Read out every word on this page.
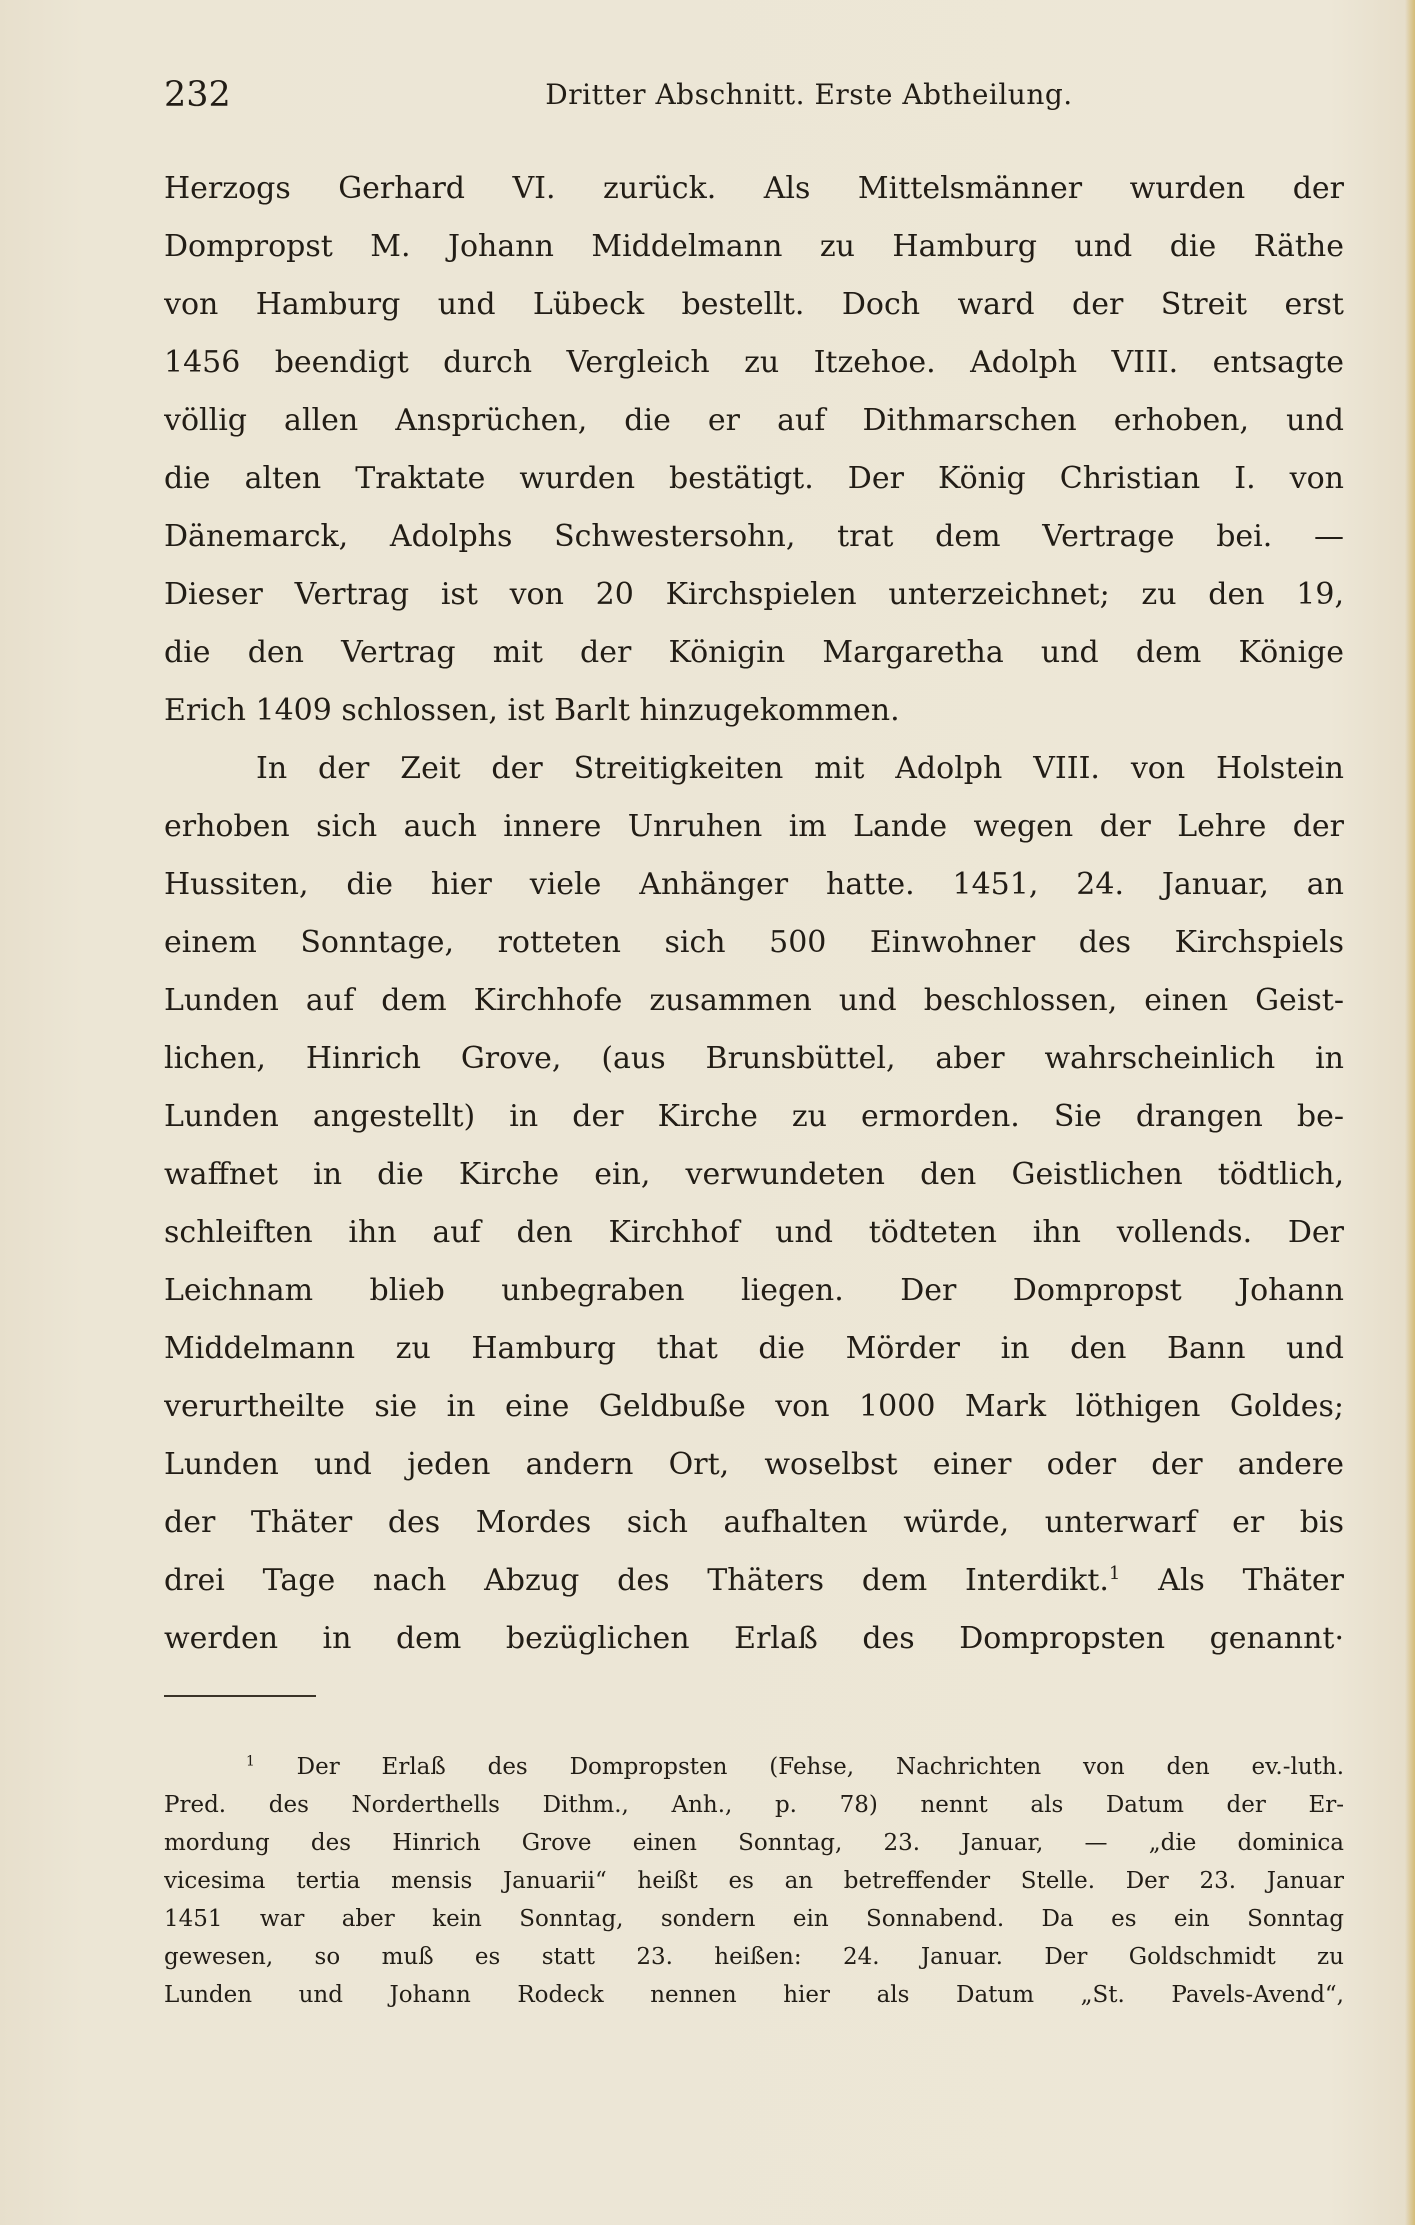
232	Dritter Abschnitt. Erste Abtheilung.
Herzogs Gerhard VI. zurück. Als Mittelsmänner wurden der
Dompropst M. Johann Middelmann zu Hamburg und die Räthe
von Hamburg und Lübeck bestellt. Doch ward der Streit erst
1456 beendigt durch Vergleich zu Itzehoe. Adolph VIII. entsagte
völlig allen Ansprüchen, die er auf Dithmarschen erhoben, und
die alten Traktate wurden bestätigt. Der König Christian I. von
Dänemarck, Adolphs Schwestersohn, trat dem Vertrage bei. —
Dieser Vertrag ist von 20 Kirchspielen unterzeichnet; zu den 19,
die den Vertrag mit der Königin Margaretha und dem Könige
Erich 1409 schlossen, ist Barlt hinzugekommen.
In der Zeit der Streitigkeiten mit Adolph VIII. von Holstein
erhoben sich auch innere Unruhen im Lande wegen der Lehre der
Hussiten, die hier viele Anhänger hatte. 1451, 24. Januar, an
einem Sonntage, rotteten sich 500 Einwohner des Kirchspiels
Lunden auf dem Kirchhofe zusammen und beschlossen, einen Geist-
lichen, Hinrich Grove, (aus Brunsbüttel, aber wahrscheinlich in
Lunden angestellt) in der Kirche zu ermorden. Sie drangen be-
waffnet in die Kirche ein, verwundeten den Geistlichen tödtlich,
schleiften ihn auf den Kirchhof und tödteten ihn vollends. Der
Leichnam blieb unbegraben liegen. Der Dompropst Johann
Middelmann zu Hamburg that die Mörder in den Bann und
verurtheilte sie in eine Geldbuße von 1000 Mark löthigen Goldes;
Lunden und jeden andern Ort, woselbst einer oder der andere
der Thäter des Mordes sich aufhalten würde, unterwarf er bis
drei Tage nach Abzug des Thäters dem Interdikt.$^1$ Als Thäter
werden in dem bezüglichen Erlaß des Dompropsten genannt·
$^1$ Der Erlaß des Dompropsten (Fehse, Nachrichten von den ev.-luth.
Pred. des Norderthells Dithm., Anh., p. 78) nennt als Datum der Er-
mordung des Hinrich Grove einen Sonntag, 23. Januar, — „die dominica
vicesima tertia mensis Januarii“ heißt es an betreffender Stelle. Der 23. Januar
1451 war aber kein Sonntag, sondern ein Sonnabend. Da es ein Sonntag
gewesen, so muß es statt 23. heißen: 24. Januar. Der Goldschmidt zu
Lunden und Johann Rodeck nennen hier als Datum „St. Pavels-Avend“,
